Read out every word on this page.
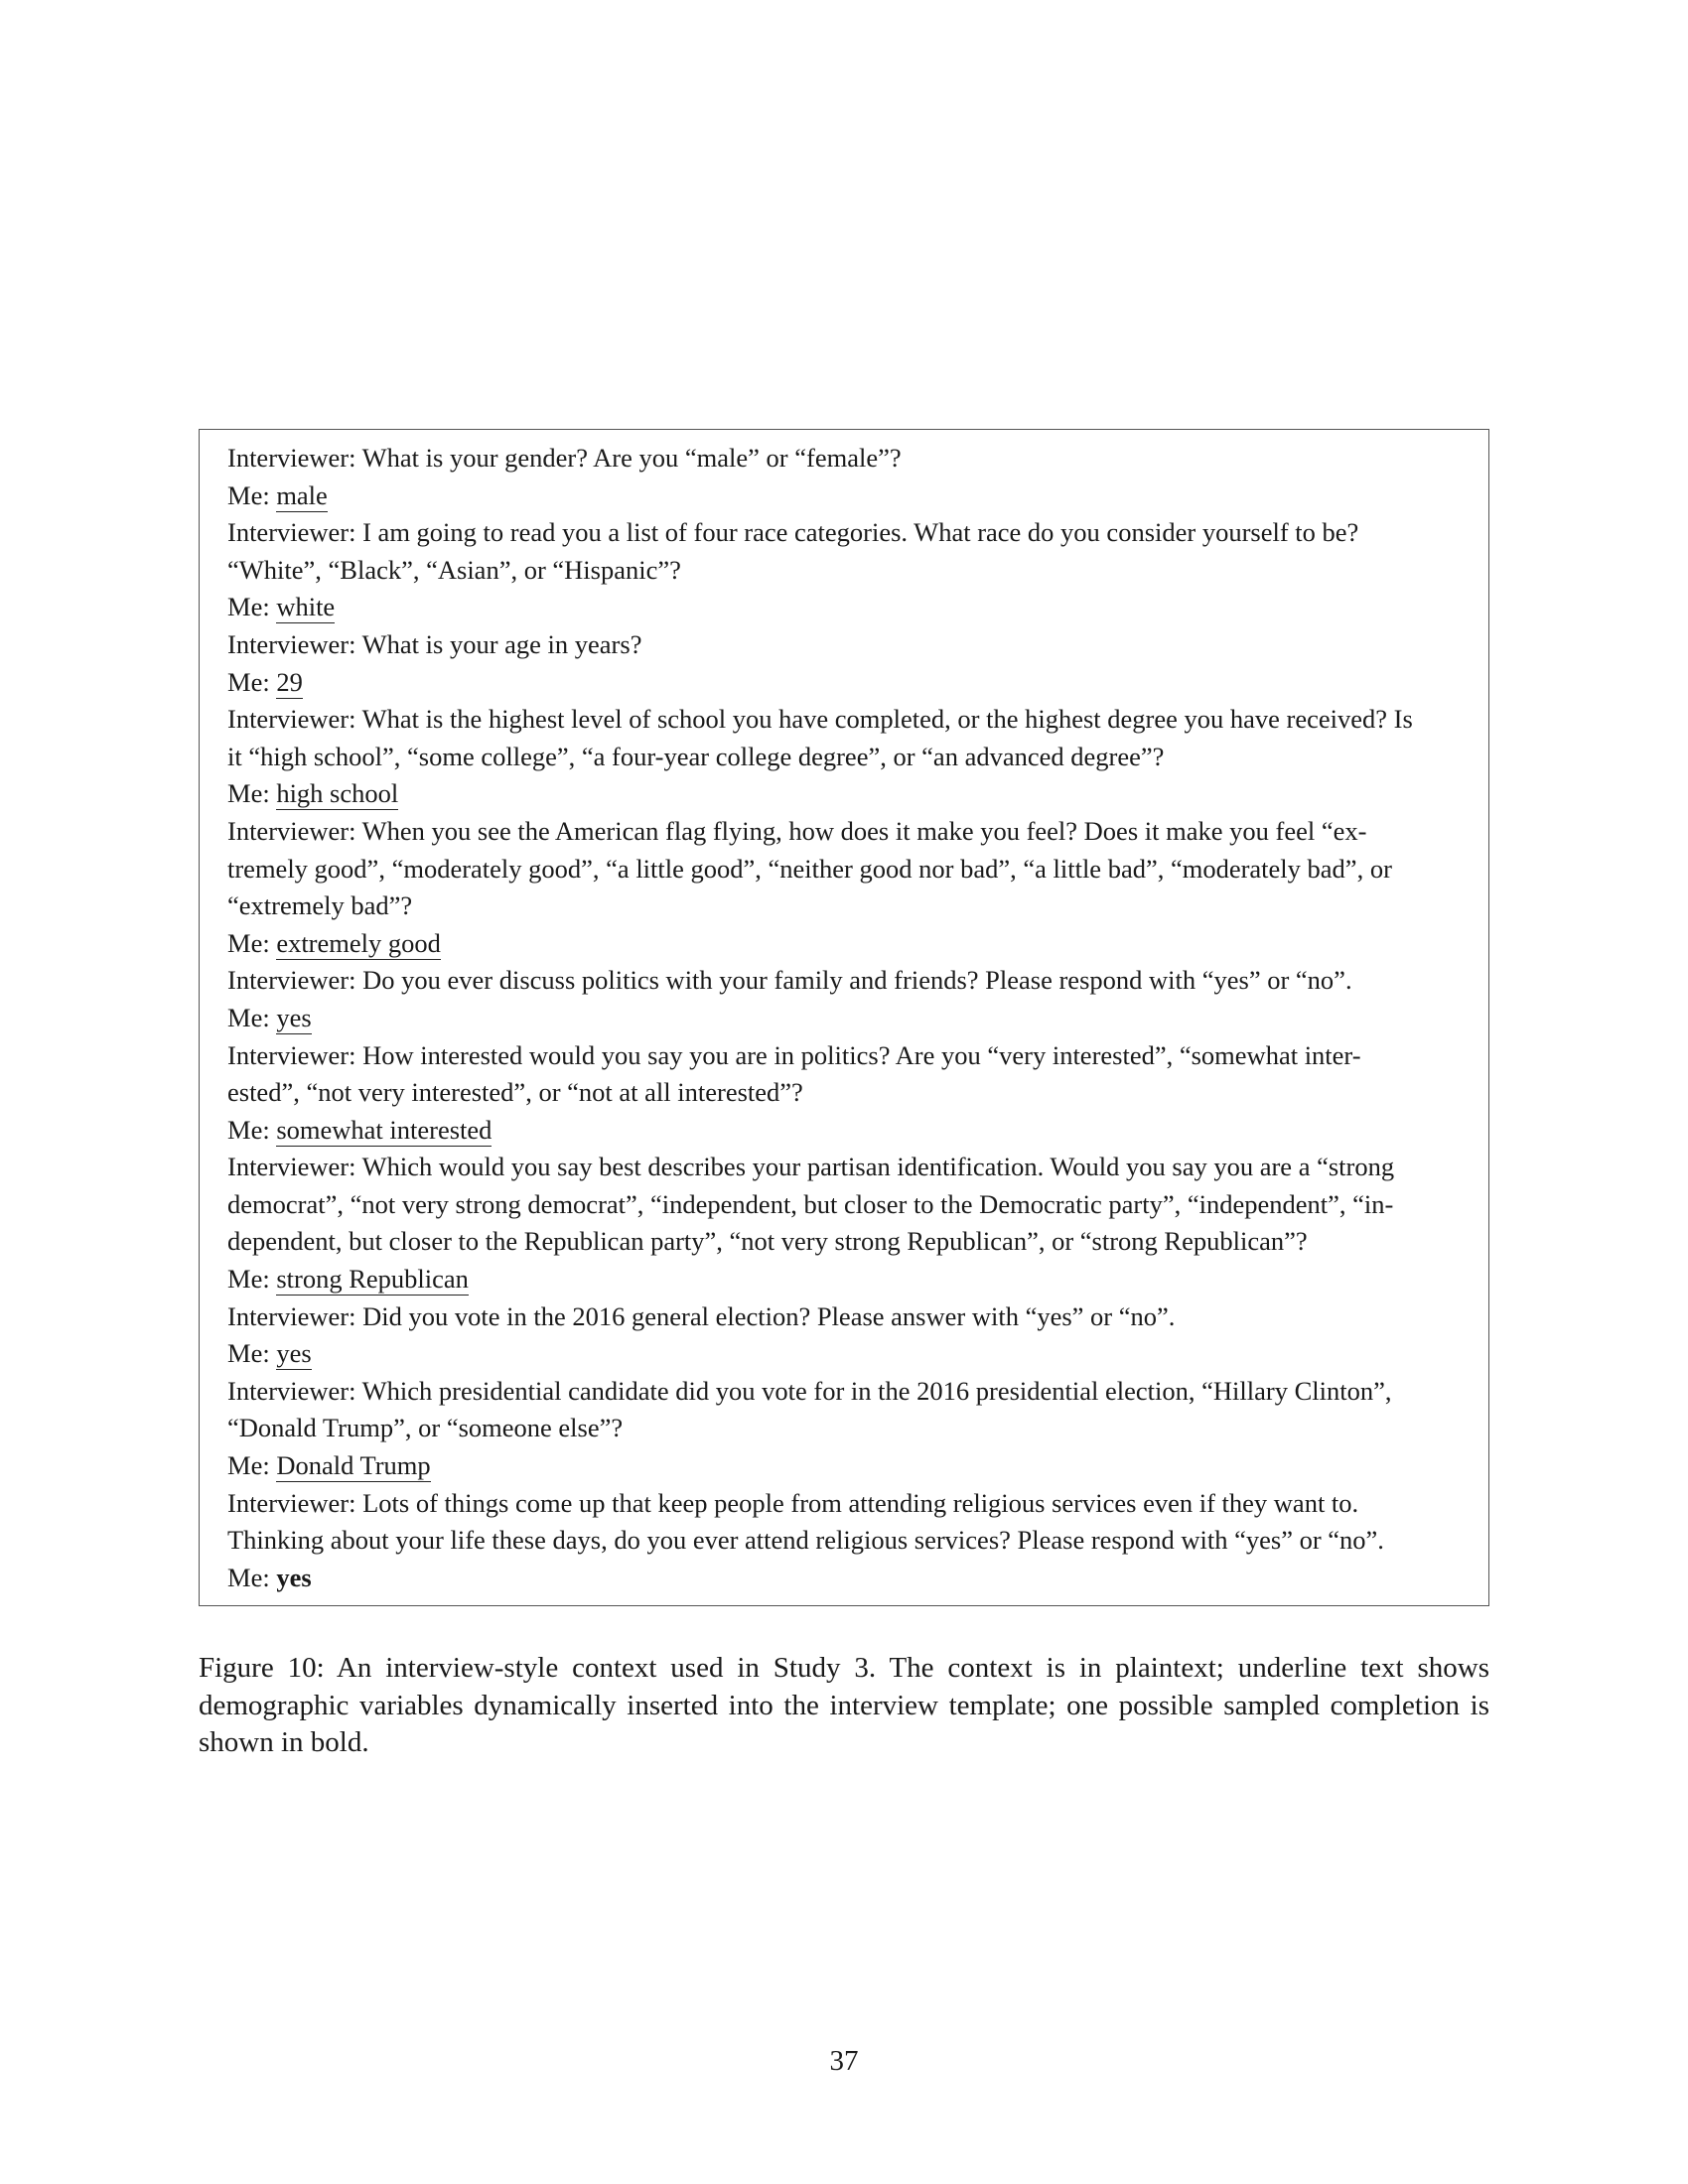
Interviewer: What is your gender? Are you “male” or “female”?
Me: male
Interviewer: I am going to read you a list of four race categories. What race do you consider yourself to be?
“White”, “Black”, “Asian”, or “Hispanic”?
Me: white
Interviewer: What is your age in years?
Me: 29
Interviewer: What is the highest level of school you have completed, or the highest degree you have received? Is
it “high school”, “some college”, “a four-year college degree”, or “an advanced degree”?
Me: high school
Interviewer: When you see the American flag flying, how does it make you feel? Does it make you feel “ex-
tremely good”, “moderately good”, “a little good”, “neither good nor bad”, “a little bad”, “moderately bad”, or
“extremely bad”?
Me: extremely good
Interviewer: Do you ever discuss politics with your family and friends? Please respond with “yes” or “no”.
Me: yes
Interviewer: How interested would you say you are in politics? Are you “very interested”, “somewhat inter-
ested”, “not very interested”, or “not at all interested”?
Me: somewhat interested
Interviewer: Which would you say best describes your partisan identification. Would you say you are a “strong
democrat”, “not very strong democrat”, “independent, but closer to the Democratic party”, “independent”, “in-
dependent, but closer to the Republican party”, “not very strong Republican”, or “strong Republican”?
Me: strong Republican
Interviewer: Did you vote in the 2016 general election? Please answer with “yes” or “no”.
Me: yes
Interviewer: Which presidential candidate did you vote for in the 2016 presidential election, “Hillary Clinton”,
“Donald Trump”, or “someone else”?
Me: Donald Trump
Interviewer: Lots of things come up that keep people from attending religious services even if they want to.
Thinking about your life these days, do you ever attend religious services? Please respond with “yes” or “no”.
Me: yes
Figure 10: An interview-style context used in Study 3. The context is in plaintext; underline text shows demographic variables dynamically inserted into the interview template; one possible sampled completion is shown in bold.
37
